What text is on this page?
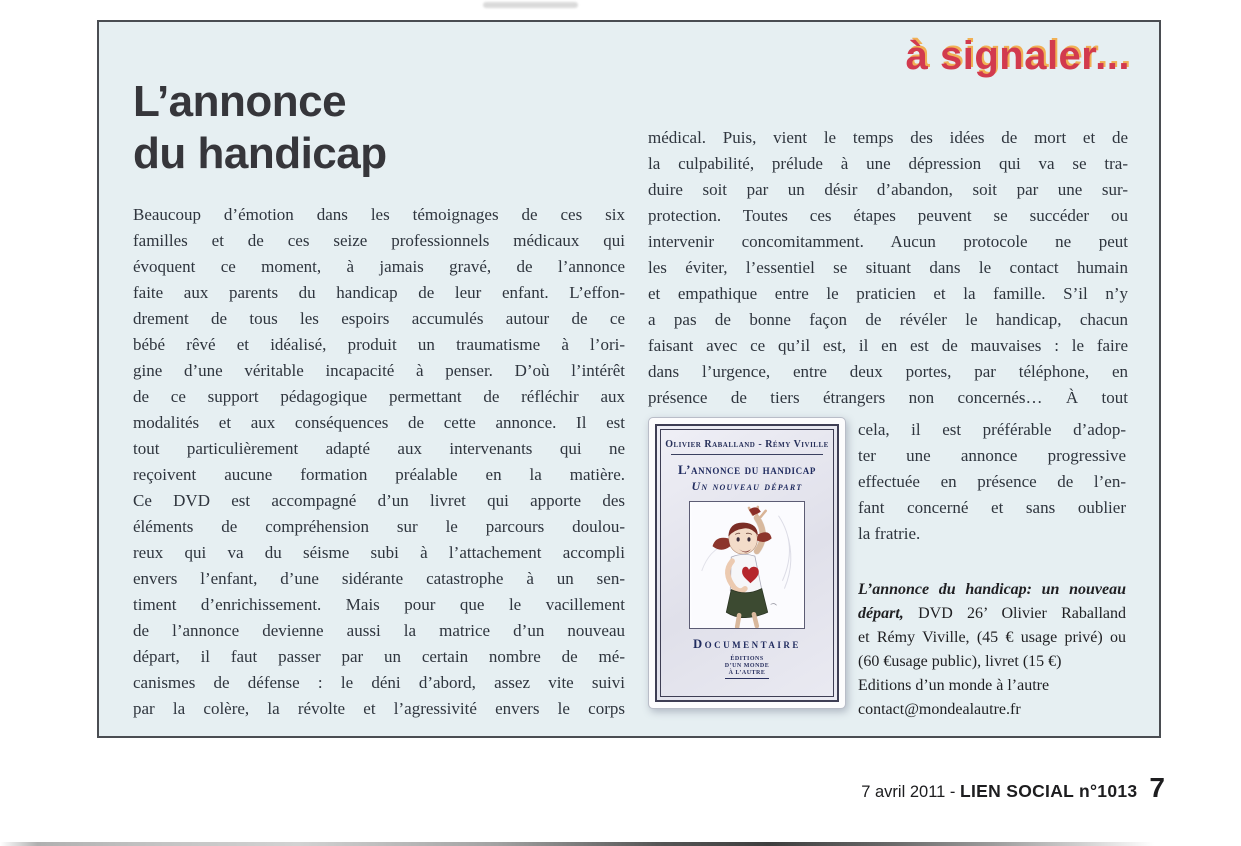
à signaler...
L’annonce
du handicap
Beaucoup d’émotion dans les témoignages de ces six
familles et de ces seize professionnels médicaux qui
évoquent ce moment, à jamais gravé, de l’annonce
faite aux parents du handicap de leur enfant. L’effon-
drement de tous les espoirs accumulés autour de ce
bébé rêvé et idéalisé, produit un traumatisme à l’ori-
gine d’une véritable incapacité à penser. D’où l’intérêt
de ce support pédagogique permettant de réfléchir aux
modalités et aux conséquences de cette annonce. Il est
tout particulièrement adapté aux intervenants qui ne
reçoivent aucune formation préalable en la matière.
Ce DVD est accompagné d’un livret qui apporte des
éléments de compréhension sur le parcours doulou-
reux qui va du séisme subi à l’attachement accompli
envers l’enfant, d’une sidérante catastrophe à un sen-
timent d’enrichissement. Mais pour que le vacillement
de l’annonce devienne aussi la matrice d’un nouveau
départ, il faut passer par un certain nombre de mé-
canismes de défense : le déni d’abord, assez vite suivi
par la colère, la révolte et l’agressivité envers le corps
médical. Puis, vient le temps des idées de mort et de
la culpabilité, prélude à une dépression qui va se tra-
duire soit par un désir d’abandon, soit par une sur-
protection. Toutes ces étapes peuvent se succéder ou
intervenir concomitamment. Aucun protocole ne peut
les éviter, l’essentiel se situant dans le contact humain
et empathique entre le praticien et la famille. S’il n’y
a pas de bonne façon de révéler le handicap, chacun
faisant avec ce qu’il est, il en est de mauvaises : le faire
dans l’urgence, entre deux portes, par téléphone, en
présence de tiers étrangers non concernés… À tout
Olivier Raballand - Rémy Viville
L’annonce du handicap
Un nouveau départ
Documentaire
ÉDITIONS
D’UN MONDE
À L’AUTRE
cela, il est préférable d’adop-
ter une annonce progressive
effectuée en présence de l’en-
fant concerné et sans oublier
la fratrie.
L’annonce du handicap: un nouveau
départ, DVD 26’ Olivier Raballand
et Rémy Viville, (45 € usage privé) ou
(60 €usage public), livret (15 €)
Editions d’un monde à l’autre
contact@mondealautre.fr
7 avril 2011 - LIEN SOCIAL n°1013 7
